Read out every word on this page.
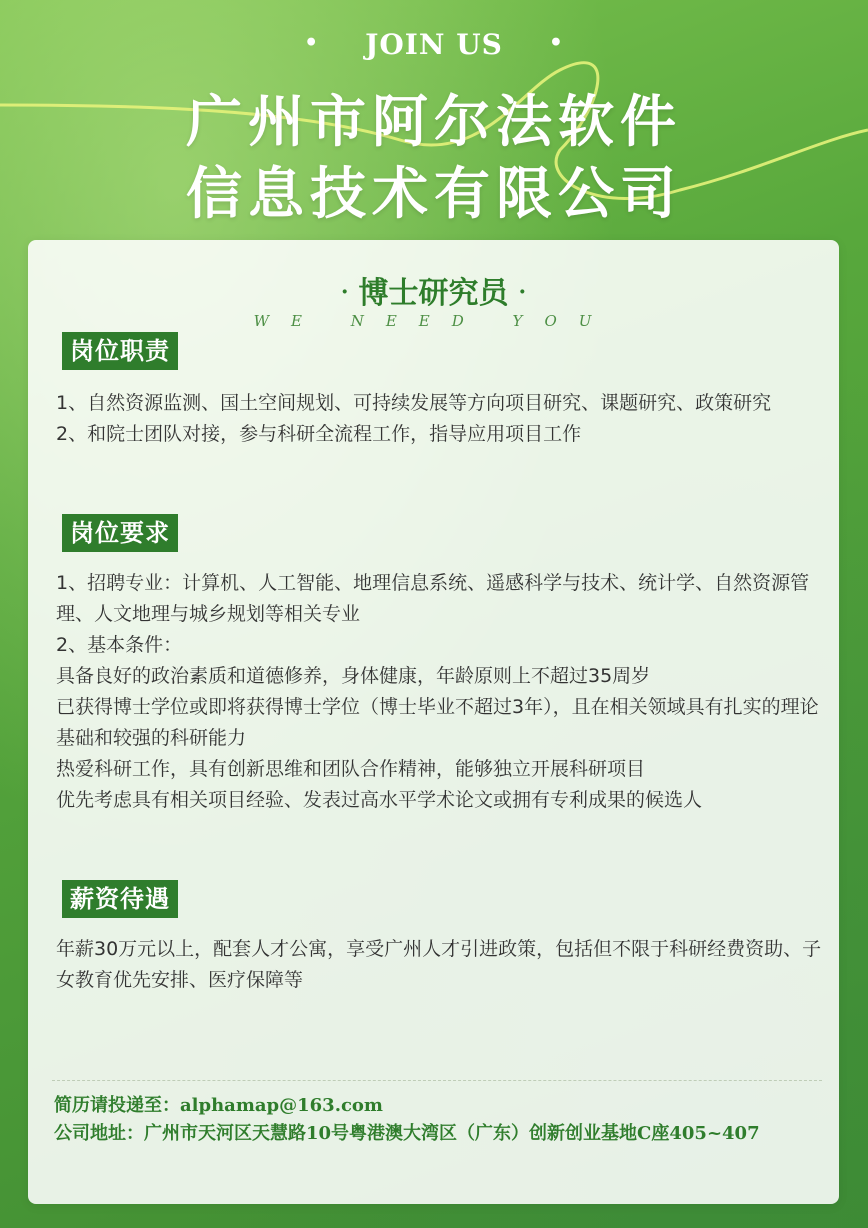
• JOIN US •
广州市阿尔法软件
信息技术有限公司
· 博士研究员 ·
WE NEED YOU
岗位职责

1、自然资源监测、国土空间规划、可持续发展等方向项目研究、课题研究、政策研究

2、和院士团队对接，参与科研全流程工作，指导应用项目工作

岗位要求

1、招聘专业：计算机、人工智能、地理信息系统、遥感科学与技术、统计学、自然资源管理、人文地理与城乡规划等相关专业

2、基本条件：

具备良好的政治素质和道德修养，身体健康，年龄原则上不超过35周岁

已获得博士学位或即将获得博士学位（博士毕业不超过3年），且在相关领域具有扎实的理论基础和较强的科研能力

热爱科研工作，具有创新思维和团队合作精神，能够独立开展科研项目

优先考虑具有相关项目经验、发表过高水平学术论文或拥有专利成果的候选人

薪资待遇

年薪30万元以上，配套人才公寓，享受广州人才引进政策，包括但不限于科研经费资助、子女教育优先安排、医疗保障等

简历请投递至：alphamap@163.com

公司地址：广州市天河区天慧路10号粤港澳大湾区（广东）创新创业基地C座405~407
